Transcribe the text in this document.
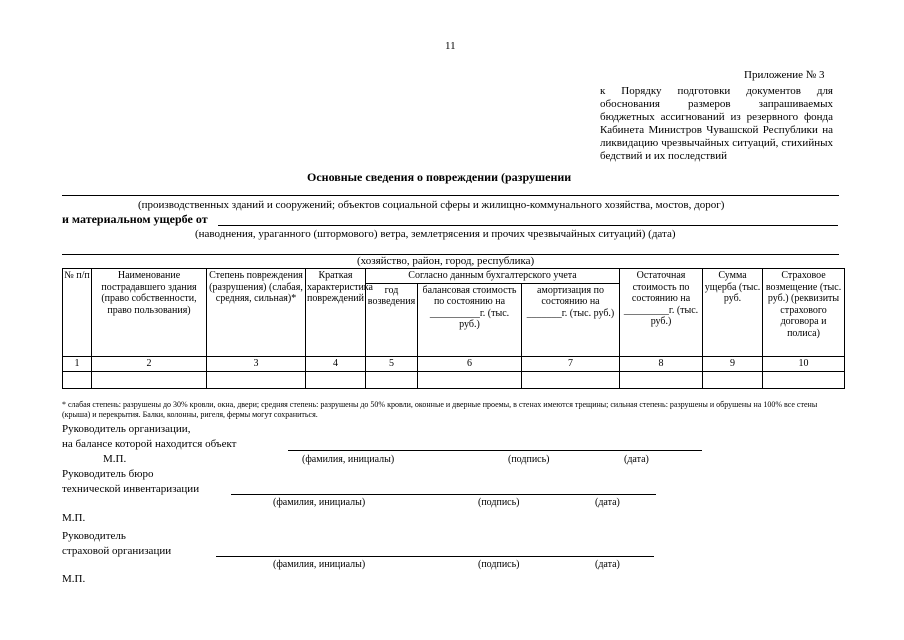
11
Приложение № 3
к Порядку подготовки документов для обоснования размеров запрашиваемых бюджетных ассигнований из резервного фонда Кабинета Министров Чувашской Республики на ликвидацию чрезвычайных ситуаций, стихийных бедствий и их последствий
Основные сведения о повреждении (разрушении
(производственных зданий и сооружений; объектов социальной сферы и жилищно-коммунального хозяйства, мостов, дорог)
и материальном ущербе от
(наводнения, ураганного (штормового) ветра, землетрясения и прочих чрезвычайных ситуаций) (дата)
(хозяйство, район, город, республика)
№ п/п	Наименование пострадавшего здания (право собственности, право пользования)	Степень повреждения (разрушения) (слабая, средняя, сильная)*	Краткая характеристика повреждений	Согласно данным бухгалтерского учета			Остаточная стоимость по состоянию на _________г. (тыс. руб.)	Сумма ущерба (тыс. руб.	Страховое возмещение (тыс. руб.) (реквизиты страхового договора и полиса)
				год возведения	балансовая стоимость по состоянию на __________г. (тыс. руб.)	амортизация по состоянию на _______г. (тыс. руб.)			
1	2	3	4	5	6	7	8	9	10

* слабая степень: разрушены до 30% кровли, окна, двери; средняя степень: разрушены до 50% кровли, оконные и дверные проемы, в стенах имеются трещины; сильная степень: разрушены и обрушены на 100% все стены (крыша) и перекрытия. Балки, колонны, ригеля, фермы могут сохраниться.
Руководитель организации,
на балансе которой находится объект
М.П.	(фамилия, инициалы)	(подпись)	(дата)
Руководитель бюро
технической инвентаризации
(фамилия, инициалы)	(подпись)	(дата)
М.П.
Руководитель
страховой организации
(фамилия, инициалы)	(подпись)	(дата)
М.П.
